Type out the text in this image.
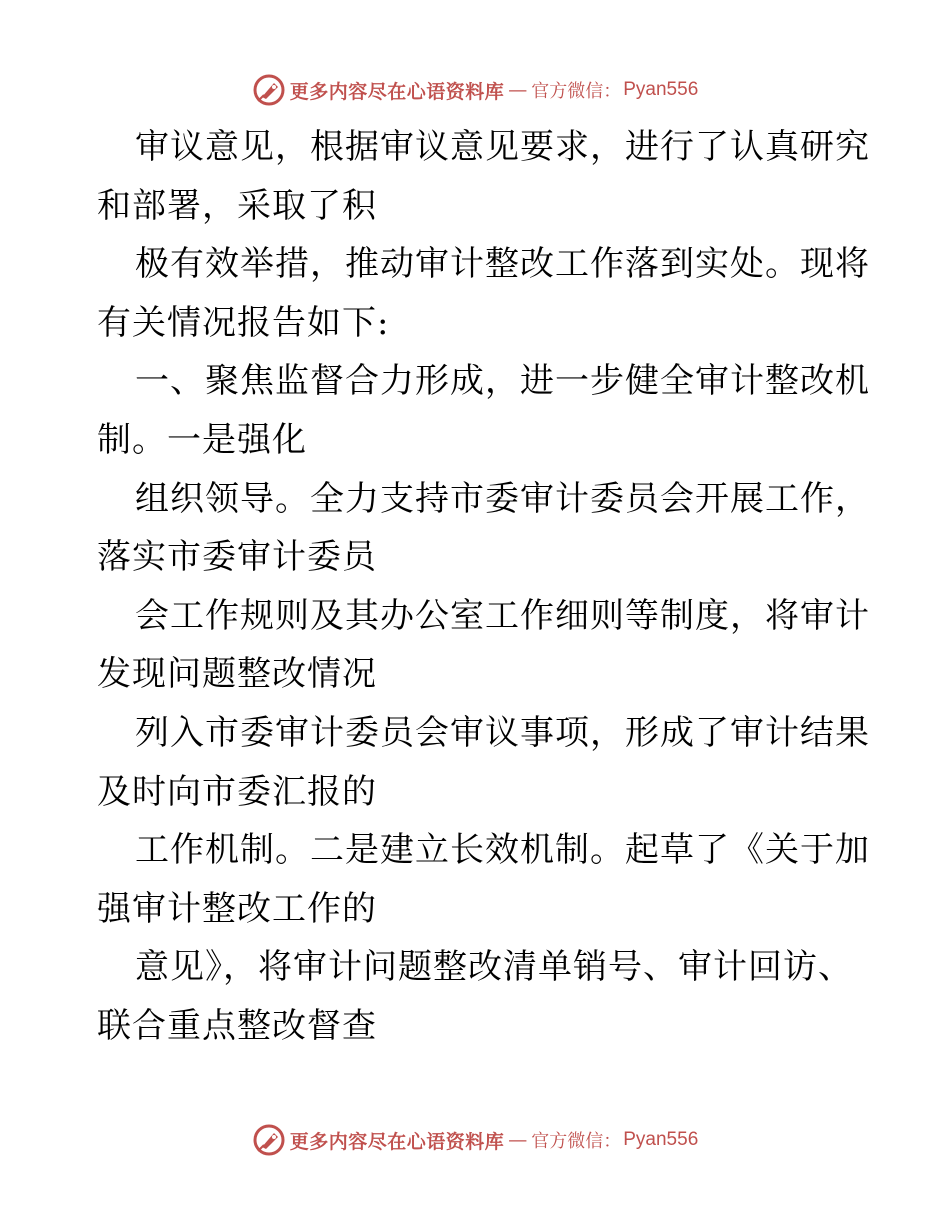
更多内容尽在心语资料库 — 官方微信： Pyan556
审议意见，根据审议意见要求，进行了认真研究
和部署，采取了积
极有效举措，推动审计整改工作落到实处。现将
有关情况报告如下:
一、聚焦监督合力形成，进一步健全审计整改机
制。一是强化
组织领导。全力支持市委审计委员会开展工作，
落实市委审计委员
会工作规则及其办公室工作细则等制度，将审计
发现问题整改情况
列入市委审计委员会审议事项，形成了审计结果
及时向市委汇报的
工作机制。二是建立长效机制。起草了《关于加
强审计整改工作的
意见》，将审计问题整改清单销号、审计回访、
联合重点整改督查
更多内容尽在心语资料库 — 官方微信： Pyan556
